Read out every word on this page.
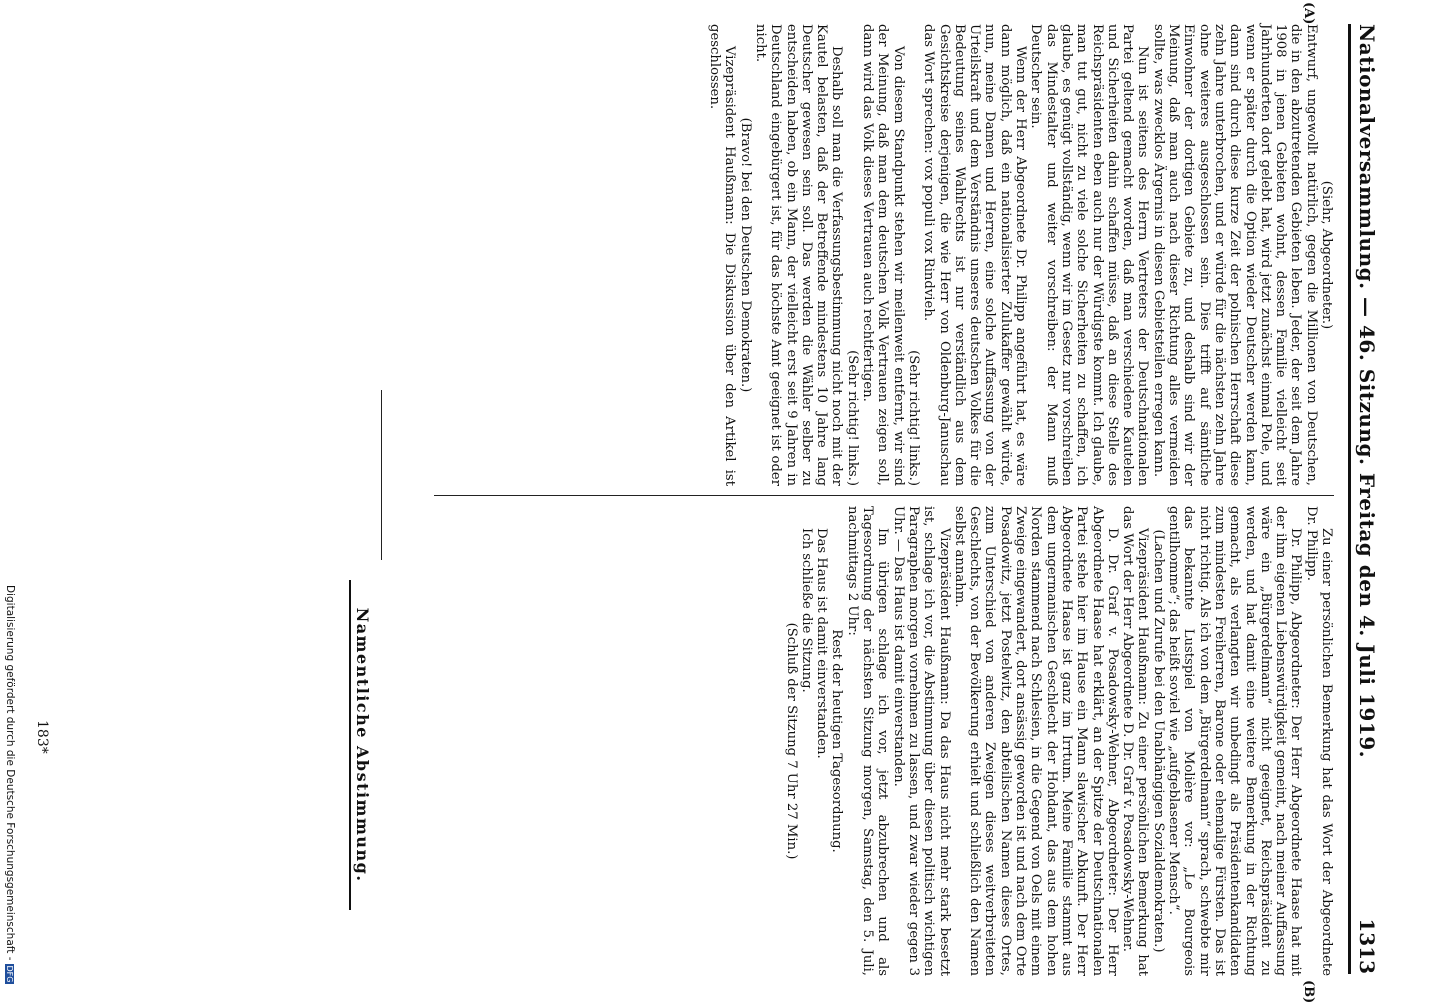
Nationalversammlung. — 46. Sitzung. Freitag den 4. Juli 1919.
1313
(A)
(B)

(Siehr, Abgeordneter.)

Entwurf, ungewollt natürlich, gegen die Millionen von Deutschen, die in den abzutretenden Gebieten leben. Jeder, der seit dem Jahre 1908 in jenen Gebieten wohnt, dessen Familie vielleicht seit Jahrhunderten dort gelebt hat, wird jetzt zunächst einmal Pole, und wenn er später durch die Option wieder Deutscher werden kann, dann sind durch diese kurze Zeit der polnischen Herrschaft diese zehn Jahre unterbrochen, und er würde für die nächsten zehn Jahre ohne weiteres ausgeschlossen sein. Dies trifft auf sämtliche Einwohner der dortigen Gebiete zu, und deshalb sind wir der Meinung, daß man auch nach dieser Richtung alles vermeiden sollte, was zwecklos Ärgernis in diesen Gebietsteilen erregen kann.

Nun ist seitens des Herrn Vertreters der Deutschnationalen Partei geltend gemacht worden, daß man verschiedene Kautelen und Sicherheiten dahin schaffen müsse, daß an diese Stelle des Reichspräsidenten eben auch nur der Würdigste kommt. Ich glaube, man tut gut, nicht zu viele solche Sicherheiten zu schaffen, ich glaube, es genügt vollständig, wenn wir im Gesetz nur vorschreiben das Mindestalter und weiter vorschreiben: der Mann muß Deutscher sein.

Wenn der Herr Abgeordnete Dr. Philipp angeführt hat, es wäre dann möglich, daß ein nationalisierter Zulukaffer gewählt würde, nun, meine Damen und Herren, eine solche Auffassung von der Urteilskraft und dem Verständnis unseres deutschen Volkes für die Bedeutung seines Wahlrechts ist nur verständlich aus dem Gesichtskreise derjenigen, die wie Herr von Oldenburg-Januschau das Wort sprechen: vox populi vox Rindvieh.

(Sehr richtig! links.)

Von diesem Standpunkt stehen wir meilenweit entfernt, wir sind der Meinung, daß man dem deutschen Volk Vertrauen zeigen soll, dann wird das Volk dieses Vertrauen auch rechtfertigen.

(Sehr richtig! links.)

Deshalb soll man die Verfassungsbestimmung nicht noch mit der Kautel belasten, daß der Betreffende mindestens 10 Jahre lang Deutscher gewesen sein soll. Das werden die Wähler selber zu entscheiden haben, ob ein Mann, der vielleicht erst seit 9 Jahren in Deutschland eingebürgert ist, für das höchste Amt geeignet ist oder nicht.

(Bravo! bei den Deutschen Demokraten.)

Vizepräsident Haußmann: Die Diskussion über den Artikel ist geschlossen.

Zu einer persönlichen Bemerkung hat das Wort der Abgeordnete Dr. Philipp.

Dr. Philipp, Abgeordneter: Der Herr Abgeordnete Haase hat mit der ihm eigenen Liebenswürdigkeit gemeint, nach meiner Auffassung wäre ein „Bürgerdelmann“ nicht geeignet, Reichspräsident zu werden, und hat damit eine weitere Bemerkung in der Richtung gemacht, als verlangten wir unbedingt als Präsidentenkandidaten zum mindesten Freiherren, Barone oder ehemalige Fürsten. Das ist nicht richtig. Als ich von dem „Bürgerdelmann“ sprach, schwebte mir das bekannte Lustspiel von Molière vor: „Le Bourgeois gentilhomme“; das heißt soviel wie „aufgeblasener Mensch“.

(Lachen und Zurufe bei den Unabhängigen Sozialdemokraten.)

Vizepräsident Haußmann: Zu einer persönlichen Bemerkung hat das Wort der Herr Abgeordnete D. Dr. Graf v. Posadowsky-Wehner.

D. Dr. Graf v. Posadowsky-Wehner, Abgeordneter: Der Herr Abgeordnete Haase hat erklärt, an der Spitze der Deutschnationalen Partei stehe hier im Hause ein Mann slawischer Abkunft. Der Herr Abgeordnete Haase ist ganz im Irrtum. Meine Familie stammt aus dem ungermanischen Geschlecht der Hohdant, das aus dem hohen Norden stammend nach Schlesien, in die Gegend von Oels mit einem Zweige eingewandert, dort ansässig geworden ist und nach dem Orte Posadowitz, jetzt Postelwitz, den abteilischen Namen dieses Ortes, zum Unterschied von anderen Zweigen dieses weitverbreiteten Geschlechts, von der Bevölkerung erhielt und schließlich den Namen selbst annahm.

Vizepräsident Haußmann: Da das Haus nicht mehr stark besetzt ist, schlage ich vor, die Abstimmung über diesen politisch wichtigen Paragraphen morgen vornehmen zu lassen, und zwar wieder gegen 3 Uhr. — Das Haus ist damit einverstanden.

Im übrigen schlage ich vor, jetzt abzubrechen und als Tagesordnung der nächsten Sitzung morgen, Samstag, den 5. Juli, nachmittags 2 Uhr:

Rest der heutigen Tagesordnung.

Das Haus ist damit einverstanden.

Ich schließe die Sitzung.

(Schluß der Sitzung 7 Uhr 27 Min.)

Namentliche Abstimmung.
183*
Digitalisierung gefördert durch die Deutsche Forschungsgemeinschaft -DFG
